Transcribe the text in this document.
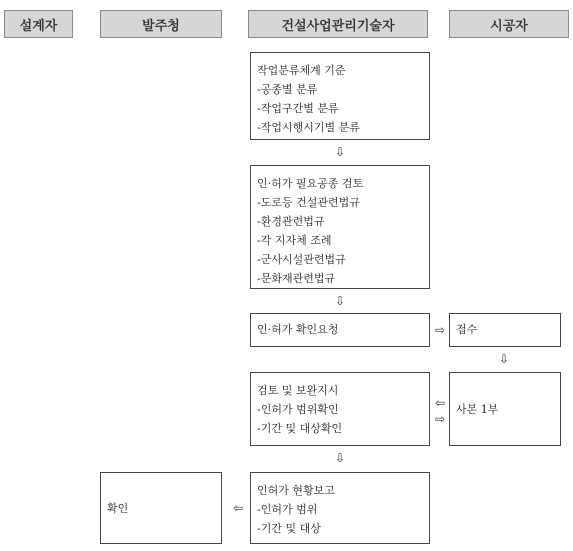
설계자	발주청	건설사업관리기술자	시공자
작업분류체계 기준
-공종별 분류
-작업구간별 분류
-작업시행시기별 분류
⇩
인·허가 필요공종 검토
-도로등 건설관련법규
-환경관련법규
-각 지자체 조례
-군사시설관련법규
-문화재관련법규
⇩
인·허가 확인요청	⇨ 접수
⇩
검토 및 보완지시
-인허가 범위확인
-기간 및 대상확인
⇦
⇨
사본 1부
⇩
인허가 현황보고
-인허가 범위
-기간 및 대상
⇦
확인
